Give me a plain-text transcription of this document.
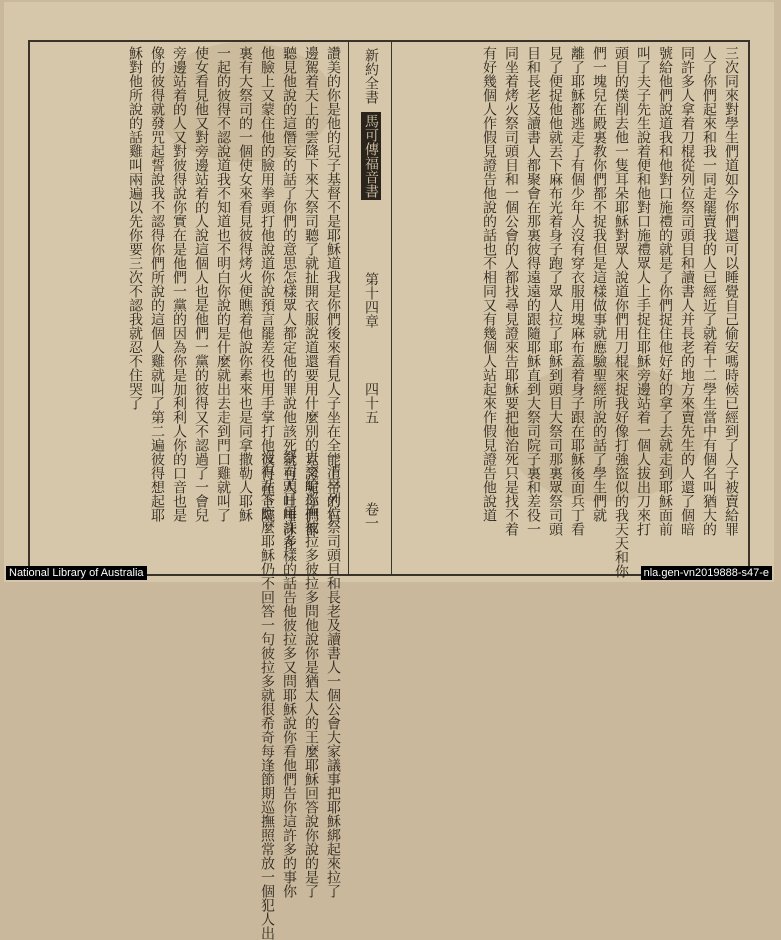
三次同來對學生們道如今你們還可以睡覺自己偷安嗎時候已經到了人子被賣給罪
人了你們起來和我一同走罷賣我的人已經近了就着十二學生當中有個名叫猶大的
同許多人拿着刀棍從列位祭司頭目和讀書人并長老的地方來賣先生的人還了個暗
號給他們說道我和他對口施禮的就是了你們捉住他好好的拿了去就走到耶穌面前
叫了夫子先生說着便和他對口施禮眾人上手捉住耶穌旁邊站着一個人拔出刀來打
頭目的僕削去他一隻耳朵耶穌對眾人說道你們用刀棍來捉我好像打強盜似的我天天和你
們一塊兒在殿裏教你們都不捉我但是這樣做事就應驗聖經所說的話了學生們就
離了耶穌都逃走了有個少年人沒有穿衣服用塊麻布蓋着身子跟在耶穌後面兵丁看
見了便捉他他就丟下麻布光着身子跑了眾人拉了耶穌到頭目大祭司那裏眾祭司頭
目和長老及讀書人都聚會在那裏彼得遠遠的跟隨耶穌直到大祭司院子裏和差役一
同坐着烤火祭司頭目和一個公會的人都找尋見證來告耶穌要把他治死只是找不着
有好幾個人作假見證告他說的話也不相同又有幾個人站起來作假見證告他說道
新約全書
馬可傳福音書
第十四章
四十五
卷一
讚美的你是他的兒子基督不是耶穌道我是你們後來看見人子坐在全能上帝的右
邊駕着天上的雲降下來大祭司聽了就扯開衣服說道還要用什麼別的見證呢你們都
聽見他說的這僭妄的話了你們的意思怎樣眾人都定他的罪說他該死就有人吐唾沫在
他臉上又蒙住他的臉用拳頭打他說道你說預言罷差役也用手掌打他彼得在下院
裏有大祭司的一個使女來看見彼得烤火便瞧着他說你素來也是同拿撒勒人耶穌
一起的彼得不認說道我不知道也不明白你說的是什麼就出去走到門口雞就叫了
使女看見他又對旁邊站着的人說這個人也是他們一黨的彼得又不認過了一會兒
旁邊站着的人又對彼得說你實在是他們一黨的因為你是加利利人你的口音也是
像的彼得就發咒起誓說我不認得你們所說的這個人雞就叫了第二遍彼得想起耶
穌對他所說的話雞叫兩遍以先你要三次不認我就忍不住哭了
一清早列位祭司頭目和長老及讀書人一個公會大家議事把耶穌綁起來拉了
去交給巡撫彼拉多彼拉多問他說你是猶太人的王麼耶穌回答說你說的是了
祭司頭目用許多樣的話告他彼拉多又問耶穌說你看他們告你這許多的事你
沒有話答應麼耶穌仍不回答一句彼拉多就很希奇每逢節期巡撫照常放一個犯人出
National Library of Australia	nla.gen-vn2019888-s47-e
